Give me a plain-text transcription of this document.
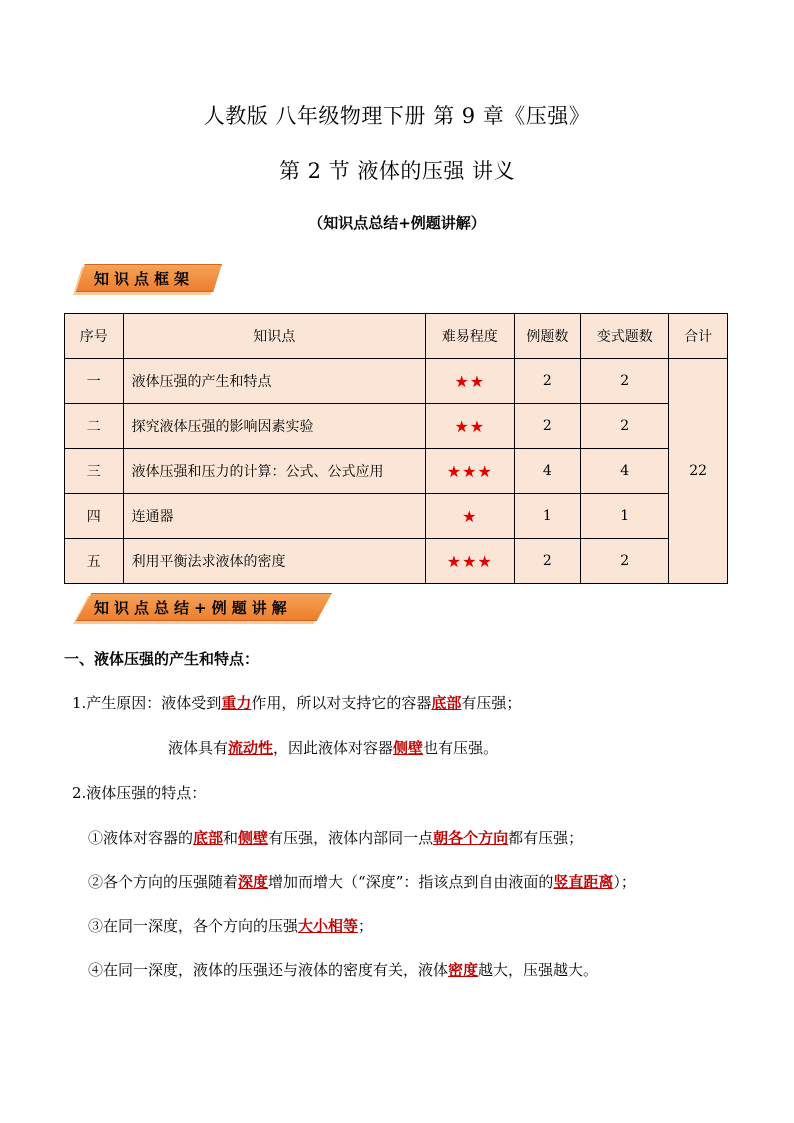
人教版 八年级物理下册 第 9 章《压强》
第 2 节 液体的压强 讲义
（知识点总结+例题讲解）
知识点框架
序号	知识点	难易程度	例题数	变式题数	合计
一	液体压强的产生和特点	★★	2	2	22
二	探究液体压强的影响因素实验	★★	2	2	
三	液体压强和压力的计算：公式、公式应用	★★★	4	4	
四	连通器	★	1	1	
五	利用平衡法求液体的密度	★★★	2	2	
知识点总结+例题讲解
一、液体压强的产生和特点：
1.产生原因：液体受到重力作用，所以对支持它的容器底部有压强；
液体具有流动性，因此液体对容器侧壁也有压强。
2.液体压强的特点：
①液体对容器的底部和侧壁有压强，液体内部同一点朝各个方向都有压强；
②各个方向的压强随着深度增加而增大（“深度”：指该点到自由液面的竖直距离）；
③在同一深度，各个方向的压强大小相等；
④在同一深度，液体的压强还与液体的密度有关，液体密度越大，压强越大。
